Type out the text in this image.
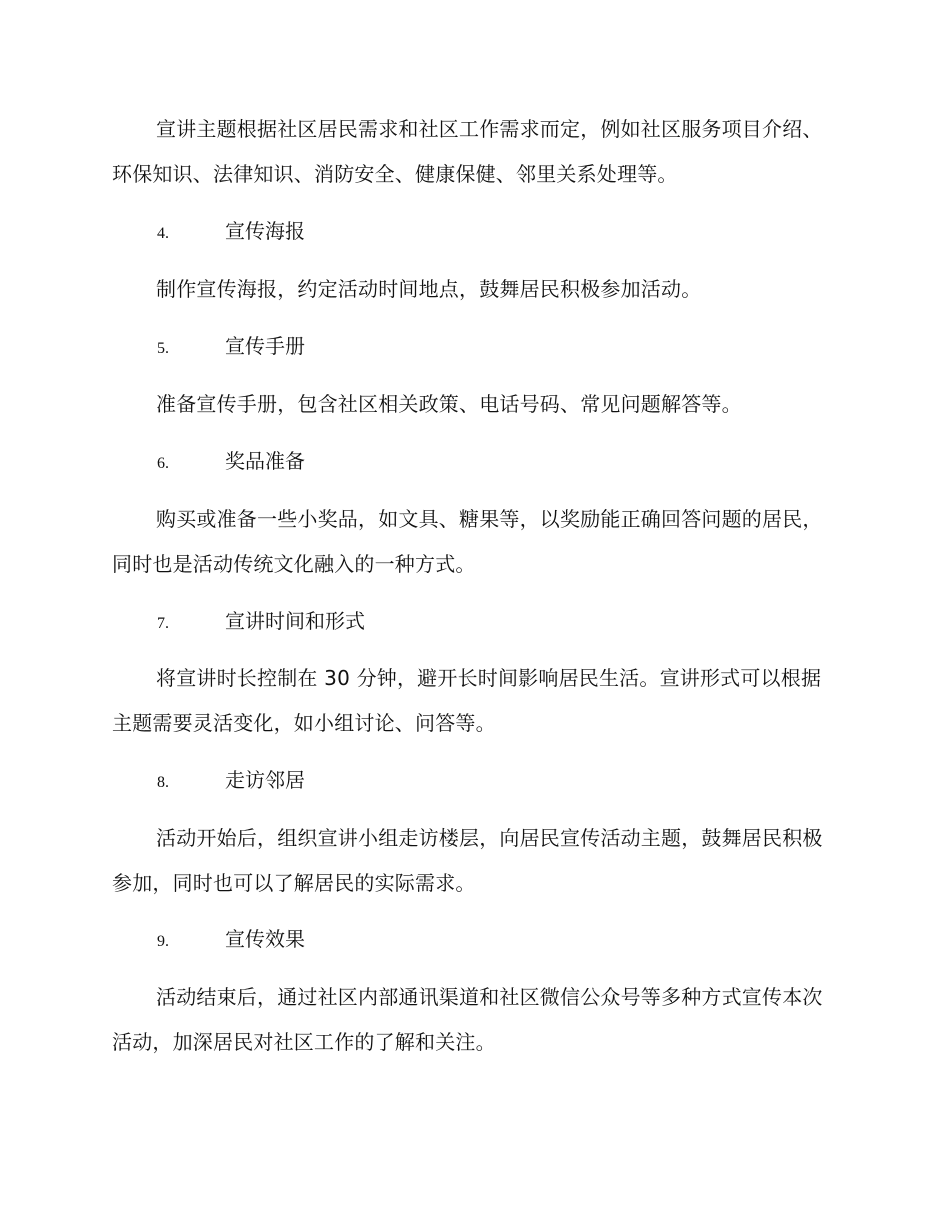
宣讲主题根据社区居民需求和社区工作需求而定，例如社区服务项目介绍、环保知识、法律知识、消防安全、健康保健、邻里关系处理等。

4.	宣传海报

制作宣传海报，约定活动时间地点，鼓舞居民积极参加活动。

5.	宣传手册

准备宣传手册，包含社区相关政策、电话号码、常见问题解答等。

6.	奖品准备

购买或准备一些小奖品，如文具、糖果等，以奖励能正确回答问题的居民，同时也是活动传统文化融入的一种方式。

7.	宣讲时间和形式

将宣讲时长控制在 30 分钟，避开长时间影响居民生活。宣讲形式可以根据主题需要灵活变化，如小组讨论、问答等。

8.	走访邻居

活动开始后，组织宣讲小组走访楼层，向居民宣传活动主题，鼓舞居民积极参加，同时也可以了解居民的实际需求。

9.	宣传效果

活动结束后，通过社区内部通讯渠道和社区微信公众号等多种方式宣传本次活动，加深居民对社区工作的了解和关注。
